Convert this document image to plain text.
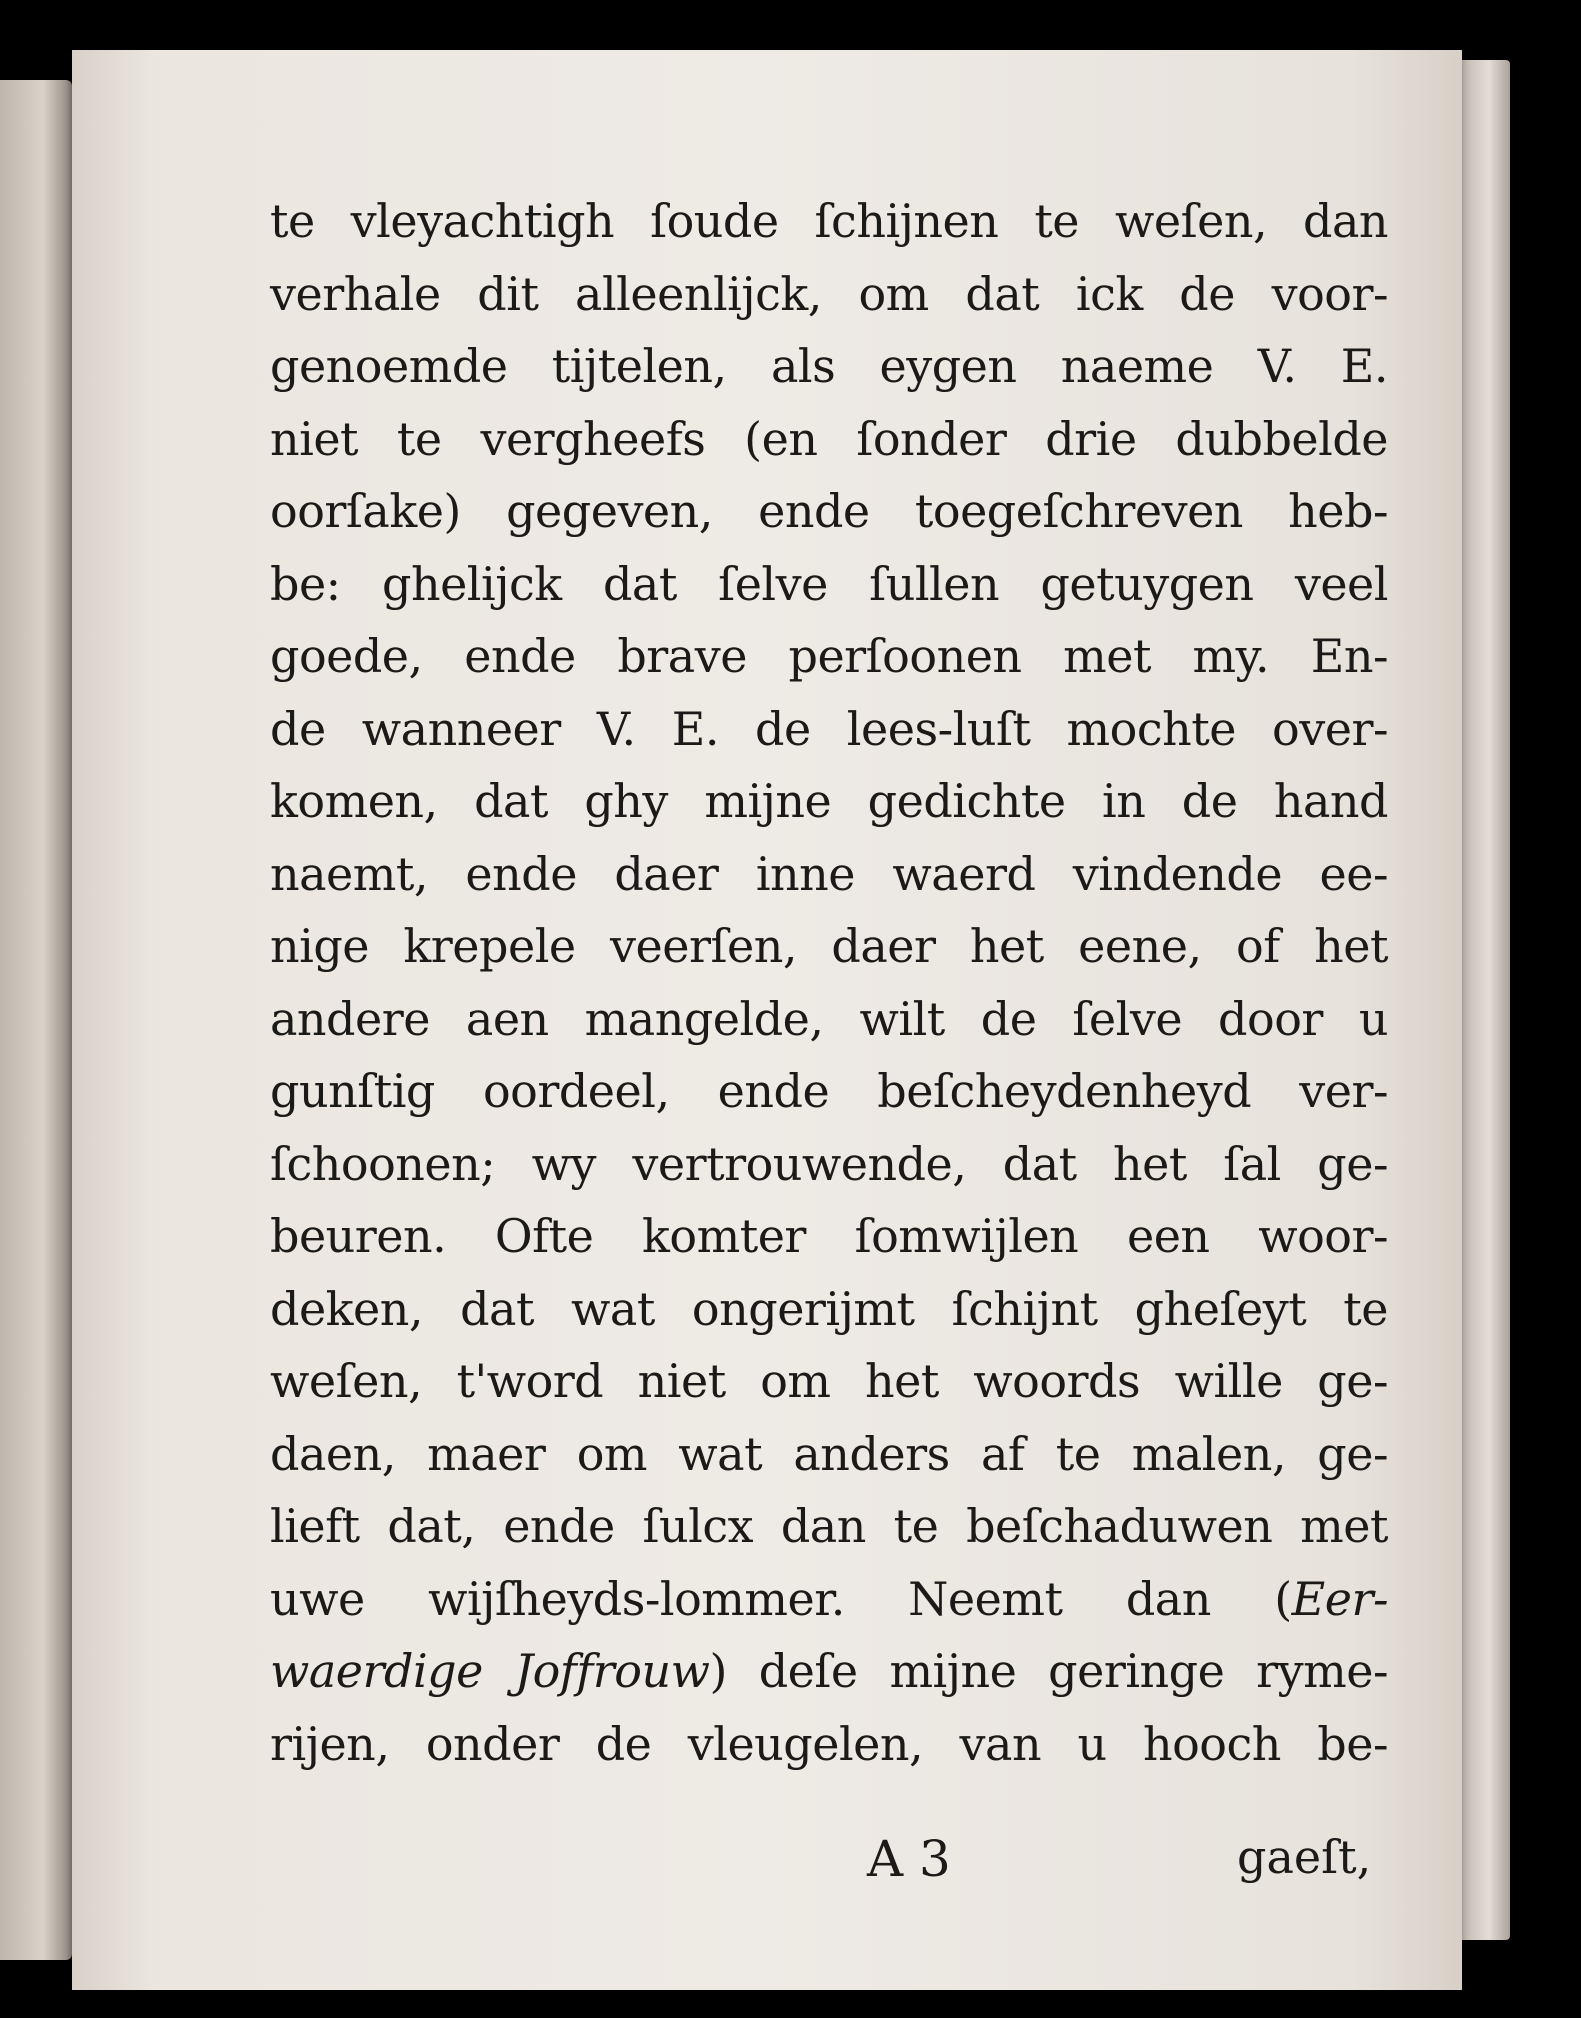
te vleyachtigh ſoude ſchijnen te weſen, dan
verhale dit alleenlijck, om dat ick de voor-
genoemde tijtelen, als eygen naeme V. E.
niet te vergheefs (en ſonder drie dubbelde
oorſake) gegeven, ende toegeſchreven heb-
be: ghelijck dat ſelve ſullen getuygen veel
goede, ende brave perſoonen met my. En-
de wanneer V. E. de lees-luſt mochte over-
komen, dat ghy mijne gedichte in de hand
naemt, ende daer inne waerd vindende ee-
nige krepele veerſen, daer het eene, of het
andere aen mangelde, wilt de ſelve door u
gunſtig oordeel, ende beſcheydenheyd ver-
ſchoonen; wy vertrouwende, dat het ſal ge-
beuren. Ofte komter ſomwijlen een woor-
deken, dat wat ongerijmt ſchijnt gheſeyt te
weſen, t'word niet om het woords wille ge-
daen, maer om wat anders af te malen, ge-
lieft dat, ende ſulcx dan te beſchaduwen met
uwe wijſheyds-lommer. Neemt dan (Eer-
waerdige Joffrouw) deſe mijne geringe ryme-
rijen, onder de vleugelen, van u hooch be-
A 3	gaeſt,
